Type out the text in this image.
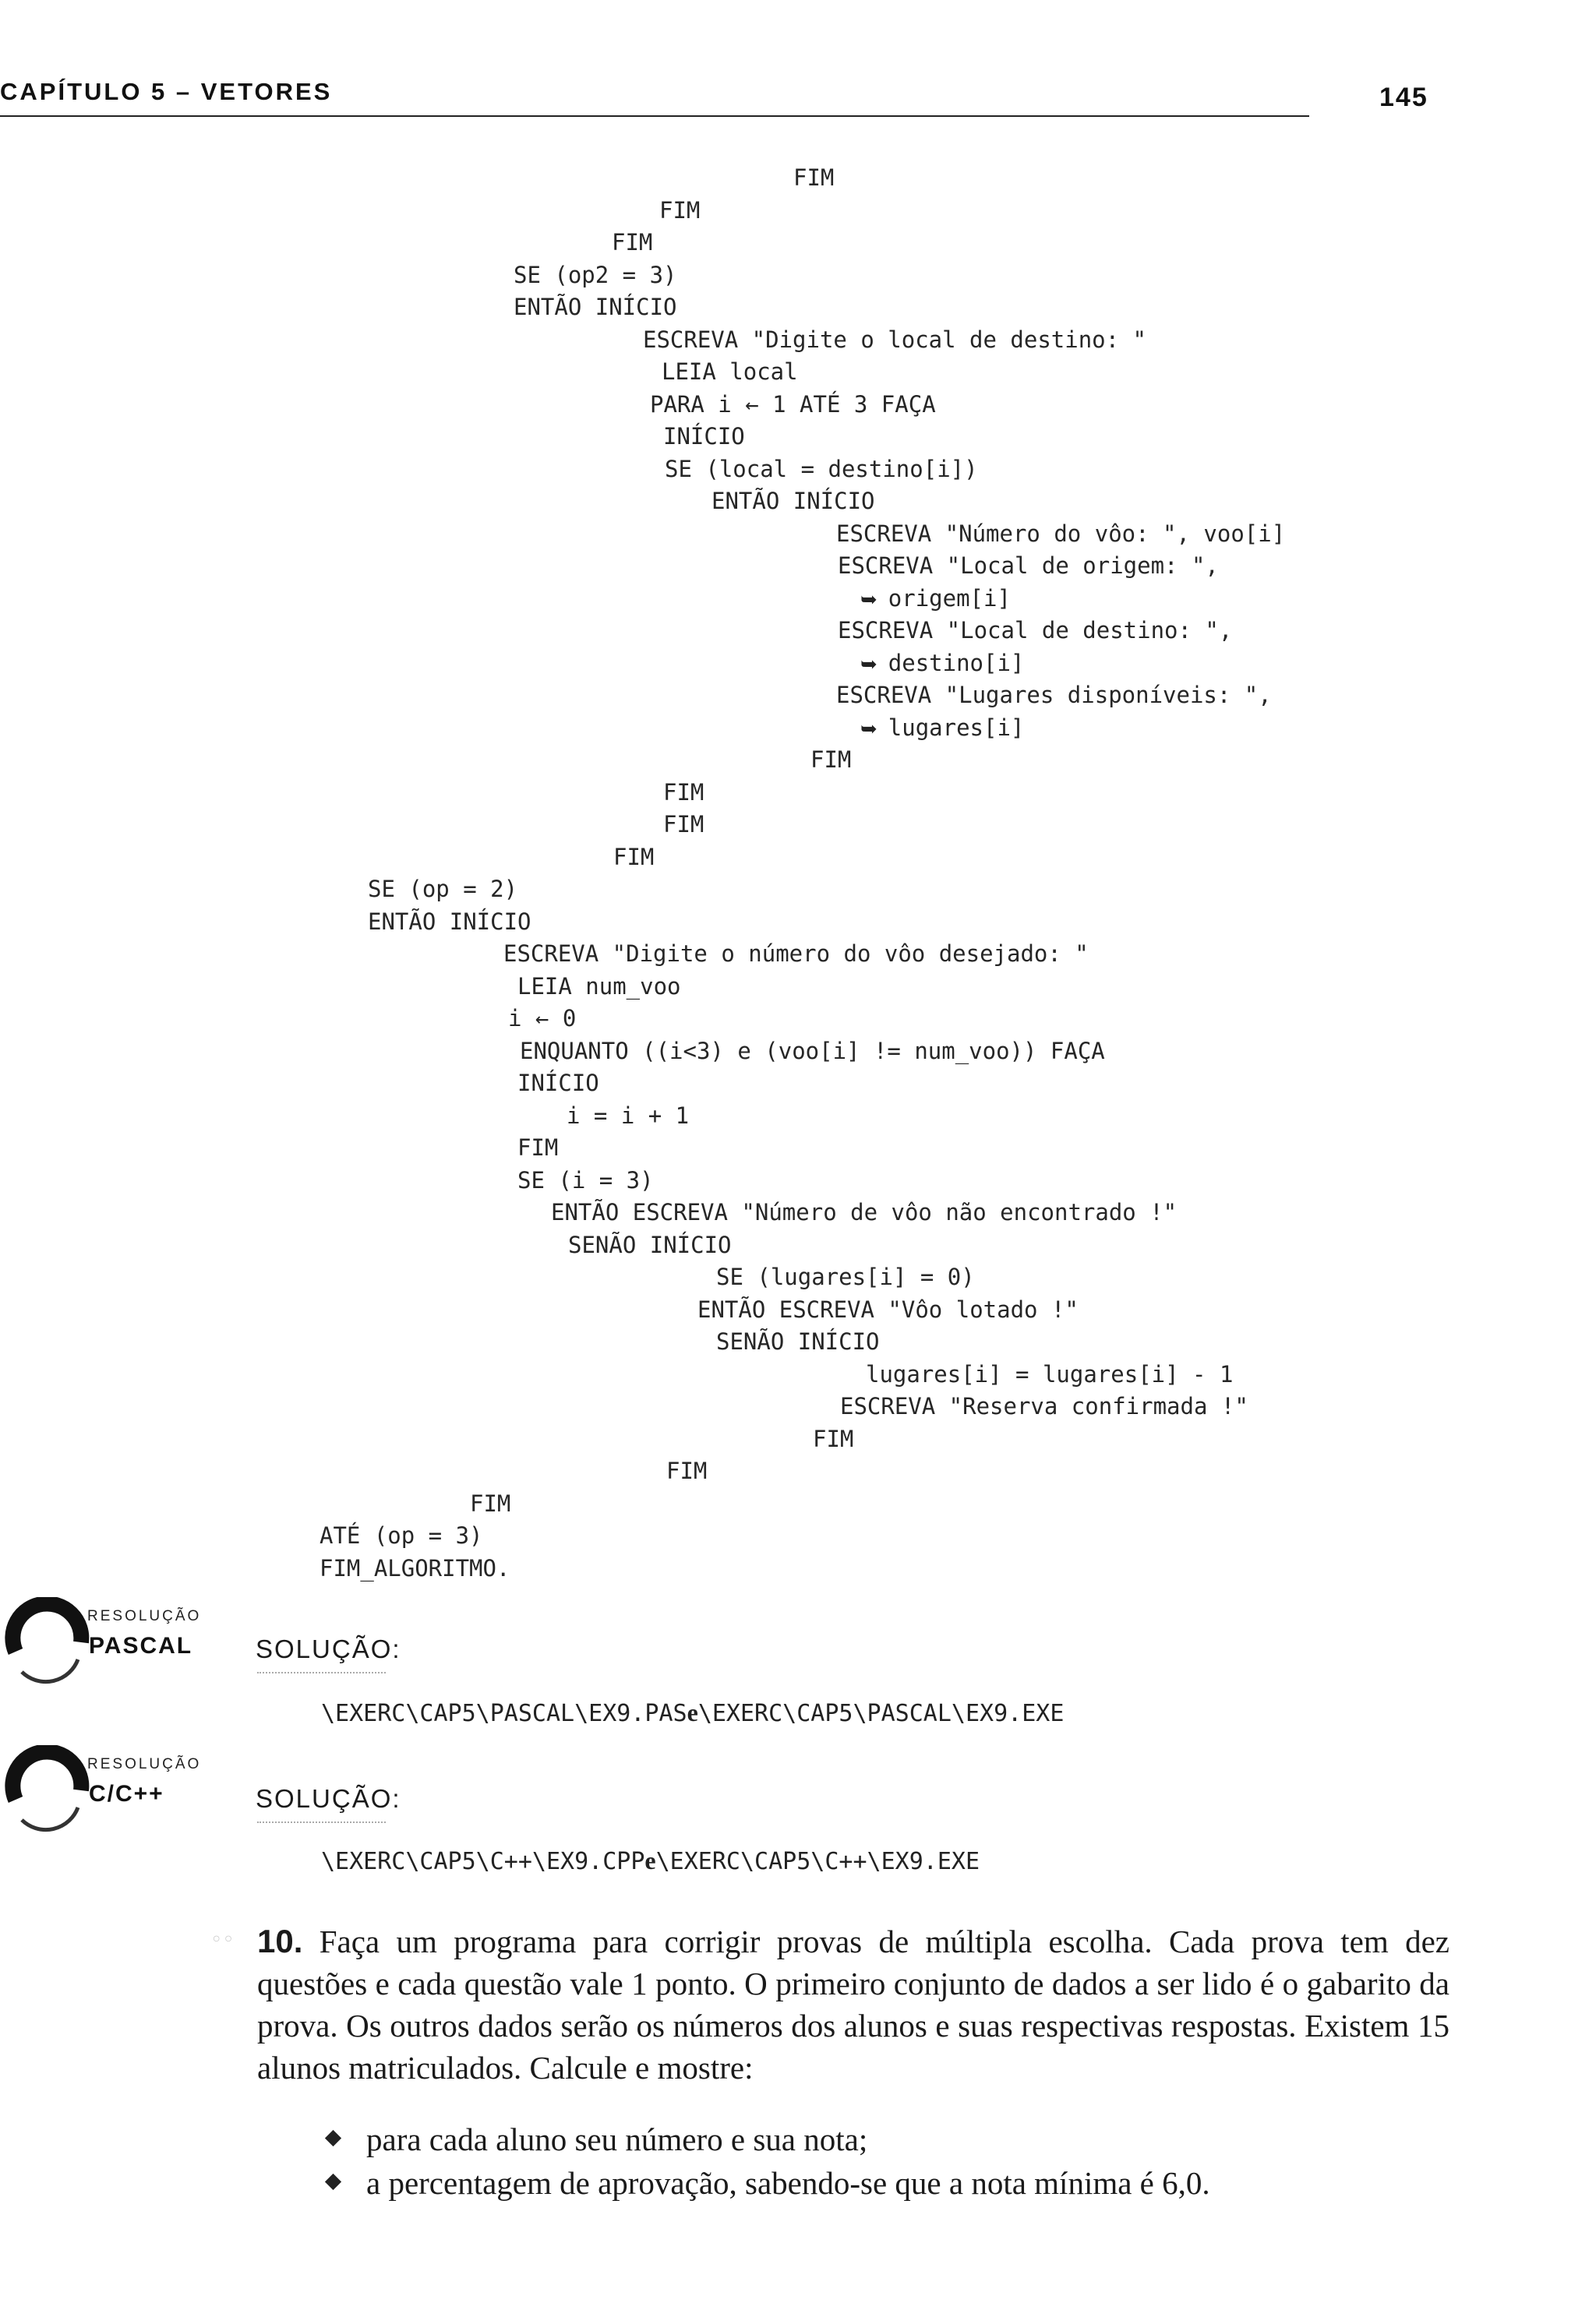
CAPÍTULO 5 – VETORES	145
FIM
FIM
FIM
SE (op2 = 3)
ENTÃO INÍCIO
ESCREVA "Digite o local de destino: "
LEIA local
PARA i ← 1 ATÉ 3 FAÇA
INÍCIO
SE (local = destino[i])
ENTÃO INÍCIO
ESCREVA "Número do vôo: ", voo[i]
ESCREVA "Local de origem: ",
➥ origem[i]
ESCREVA "Local de destino: ",
➥ destino[i]
ESCREVA "Lugares disponíveis: ",
➥ lugares[i]
FIM
FIM
FIM
FIM
SE (op = 2)
ENTÃO INÍCIO
ESCREVA "Digite o número do vôo desejado: "
LEIA num_voo
i ← 0
ENQUANTO ((i<3) e (voo[i] != num_voo)) FAÇA
INÍCIO
i = i + 1
FIM
SE (i = 3)
ENTÃO ESCREVA "Número de vôo não encontrado !"
SENÃO INÍCIO
SE (lugares[i] = 0)
ENTÃO ESCREVA "Vôo lotado !"
SENÃO INÍCIO
lugares[i] = lugares[i] - 1
ESCREVA "Reserva confirmada !"
FIM
FIM
FIM
ATÉ (op = 3)
FIM_ALGORITMO.
RESOLUÇÃO
PASCAL SOLUÇÃO:
\EXERC\CAP5\PASCAL\EX9.PASe\EXERC\CAP5\PASCAL\EX9.EXE
RESOLUÇÃO
C/C++	SOLUÇÃO:
\EXERC\CAP5\C++\EX9.CPPe\EXERC\CAP5\C++\EX9.EXE
◦◦ 10. Faça um programa para corrigir provas de múltipla escolha. Cada prova tem dez questões e cada questão vale 1 ponto. O primeiro conjunto de dados a ser lido é o gabarito da prova. Os outros dados serão os números dos alunos e suas respectivas respostas. Existem 15 alunos matriculados. Calcule e mostre:
para cada aluno seu número e sua nota;
a percentagem de aprovação, sabendo-se que a nota mínima é 6,0.
